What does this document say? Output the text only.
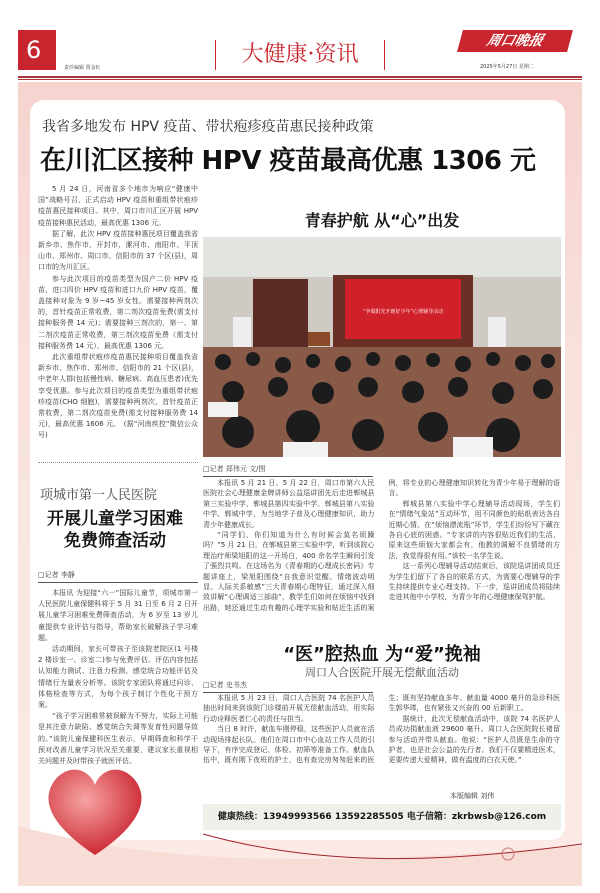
6
责任编辑 贾金红
大健康·资讯
周口晚报
2025年5月27日 星期二
我省多地发布 HPV 疫苗、带状疱疹疫苗惠民接种政策
在川汇区接种 HPV 疫苗最高优惠 1306 元

5 月 24 日，河南省多个地市为响应“健康中国”战略号召，正式启动 HPV 疫苗和重组带状疱疹疫苗惠民接种项目。其中，周口市川汇区开展 HPV 疫苗接种惠民活动，最高优惠 1306 元。

据了解，此次 HPV 疫苗接种惠民项目覆盖我省新乡市、焦作市、开封市、漯河市、南阳市、平顶山市、郑州市、周口市、信阳市的 37 个区(县)，周口市的为川汇区。

参与此次项目的疫苗类型为国产二价 HPV 疫苗、进口四价 HPV 疫苗和进口九价 HPV 疫苗，覆盖接种对象为 9 岁~45 岁女性。需要接种两剂次的，首针疫苗正常收费，第二剂次疫苗免费(需支付接种服务费 14 元)；需要接种三剂次的，第一、第二剂次疫苗正常收费，第三剂次疫苗免费（需支付接种服务费 14 元），最高优惠 1306 元。

此次重组带状疱疹疫苗惠民接种项目覆盖我省新乡市、焦作市、郑州市、信阳市的 21 个区(县)，中老年人群(包括慢性病、糖尿病、高血压患者)优先享受优惠。参与此次项目的疫苗类型为重组带状疱疹疫苗(CHO 细胞)，需要接种两剂次，首针疫苗正常收费，第二剂次疫苗免费(需支付接种服务费 14 元)，最高优惠 1606 元。　(据“河南疾控”微信公众号)

项城市第一人民医院
开展儿童学习困难
免费筛查活动
□记者 李静

本报讯 为迎接“六一”国际儿童节，项城市第一人民医院儿童保健科将于 5 月 31 日至 6 月 2 日开展儿童学习困难免费筛查活动，为 6 岁至 13 岁儿童提供专业评估与指导，帮助家长破解孩子学习难题。

活动期间，家长可带孩子至该院老院区(1 号楼 2 楼诊室一、诊室二)参与免费评估。评估内容包括认知能力测试、注意力检测、感觉统合功能评估及情绪行为量表分析等。该院专家团队将通过问诊、体格检查等方式，为每个孩子制订个性化干预方案。

“孩子学习困难常被误解为不努力，实际上可能是其注意力缺陷、感觉统合失调等发育性问题导致的。”该院儿童保健科医生表示，早期筛查和科学干预对改善儿童学习状况至关重要，建议家长重视相关问题并及时带孩子就医评估。

青春护航 从“心”出发
“争做阳光开朗好少年”心理辅导活动
□记者 郑伟元 文/图

本报讯 5 月 21 日、5 月 22 日，周口市第六人民医院社会心理健康金牌讲师公益巡讲团先后走进郸城县第三实验中学、郸城县第四实验中学、郸城县第八实验中学、郸城中学，为当地学子普及心理健康知识，助力青少年健康成长。

“同学们，你们知道为什么有时候会莫名烦躁吗？”5 月 21 日，在郸城县第三实验中学，听到该院心理治疗师梁旭阳的这一开场白，400 余名学生瞬间引发了强烈共鸣。在这场名为《青春期的心理成长密码》专题讲座上，梁旭阳围绕“自我意识觉醒、情绪波动明显、人际关系敏感”三大青春期心理特征，通过深入细致讲解“心理调适三部曲”，教学生们如何在烦恼中找到出路，她还通过生动有趣的心理学实验和贴近生活的案例，将专业的心理健康知识转化为青少年易于理解的语言。

郸城县第八实验中学心理辅导活动现场，学生们在“情绪气象站”互动环节，用不同颜色的贴纸表达各自近期心情。在“烦恼漂流瓶”环节，学生们纷纷写下藏在各自心底的困惑。“专家讲的内容很贴近我们的生活，原来这些烦恼大家都会有，他教的调解不良情绪的方法，我觉得很有用。”该校一名学生说。

这一系列心理辅导活动结束后，该院巡讲团成员还为学生们留下了各自的联系方式，为需要心理辅导的学生持续提供专业心理支持。下一步，巡讲团成员将陆续走进其他中小学校，为青少年的心理健康保驾护航。

“医”腔热血 为“爱”挽袖
周口人合医院开展无偿献血活动
□记者 史书杰

本报讯 5 月 23 日，周口人合医院 74 名医护人员抽出时间来到该院门诊楼前开展无偿献血活动，用实际行动诠释医者仁心的责任与担当。

当日 8 时许，献血车刚停稳，这些医护人员就在活动现场排起长队。他们在周口市中心血站工作人员的引导下，有序完成登记、体检、初筛等准备工作。献血队伍中，既有刚下夜班的护士，也有查完房匆匆赶来的医生；既有坚持献血多年、献血量 4000 毫升的急诊科医生郭华琫，也有紧张又兴奋的 00 后新职工。

据统计，此次无偿献血活动中，该院 74 名医护人员成功捐献血液 29600 毫升。周口人合医院院长褚留参与活动并带头献血。他说：“医护人员既是生命的守护者，也是社会公益的先行者。我们不仅要精进医术，更要传递大爱精神，做有温度的白衣天使。”

本版编辑 刘伟
健康热线：13949993566 13592285505 电子信箱：zkrbwsb@126.com
